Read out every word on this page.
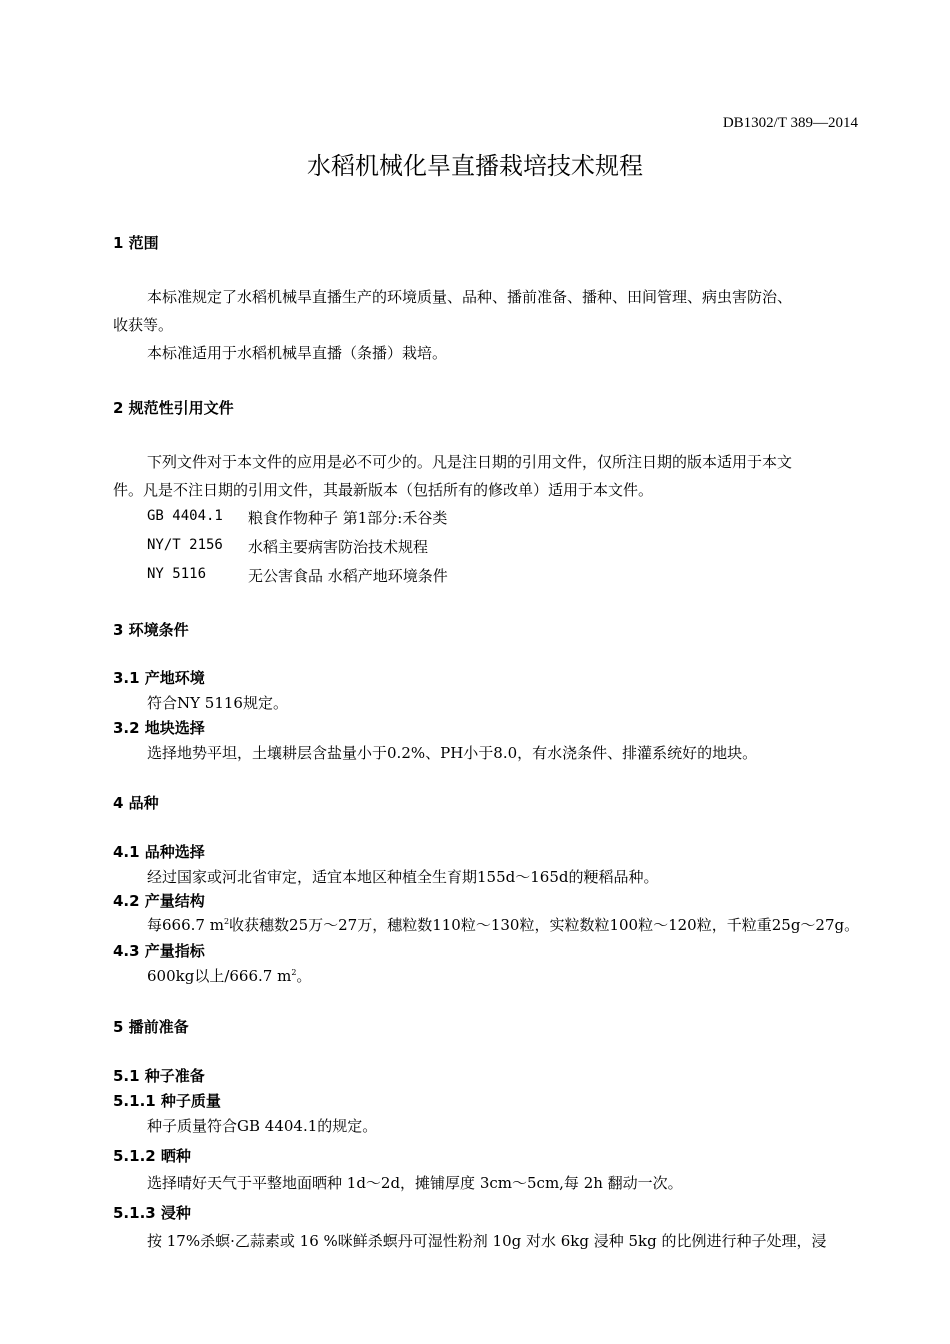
DB1302/T 389—2014
水稻机械化旱直播栽培技术规程
1 范围
本标准规定了水稻机械旱直播生产的环境质量、品种、播前准备、播种、田间管理、病虫害防治、
收获等。
本标准适用于水稻机械旱直播（条播）栽培。
2 规范性引用文件
下列文件对于本文件的应用是必不可少的。凡是注日期的引用文件，仅所注日期的版本适用于本文
件。凡是不注日期的引用文件，其最新版本（包括所有的修改单）适用于本文件。
GB 4404.1 粮食作物种子 第1部分:禾谷类
NY/T 2156 水稻主要病害防治技术规程
NY 5116	无公害食品 水稻产地环境条件
3 环境条件
3.1 产地环境
符合NY 5116规定。
3.2 地块选择
选择地势平坦，土壤耕层含盐量小于0.2%、PH小于8.0，有水浇条件、排灌系统好的地块。
4 品种
4.1 品种选择
经过国家或河北省审定，适宜本地区种植全生育期155d～165d的粳稻品种。
4.2 产量结构
每666.7 $m^2$收获穗数25万～27万，穗粒数110粒～130粒，实粒数粒100粒～120粒，千粒重25g～27g。
4.3 产量指标
600kg以上/666.7 $m^2$。
5 播前准备
5.1 种子准备
5.1.1 种子质量
种子质量符合GB 4404.1的规定。
5.1.2 晒种
选择晴好天气于平整地面晒种 1d～2d，摊铺厚度 3cm～5cm,每 2h 翻动一次。
5.1.3 浸种
按 17%杀螟·乙蒜素或 16 %咪鲜杀螟丹可湿性粉剂 10g 对水 6kg 浸种 5kg 的比例进行种子处理，浸
